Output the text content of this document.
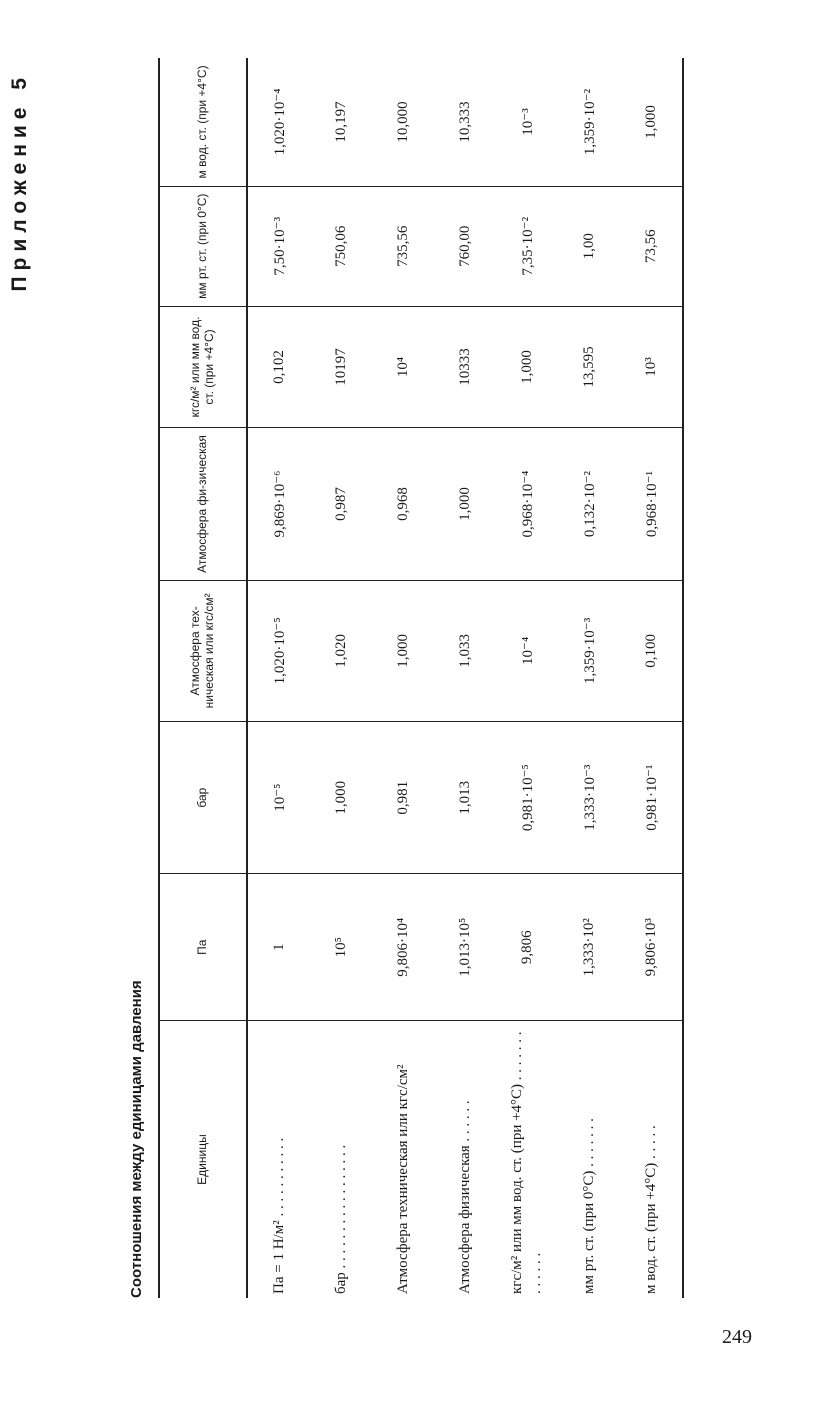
249
Приложение 5
Соотношения между единицами давления	Единицы	Па	бар	Атмосфера тех-ническая или кгс/см²	Атмосфера фи-зическая	кгс/м² или мм вод. ст. (при +4°С)	мм рт. ст. (при 0°С)	м вод. ст. (при +4°С)
Па = 1 Н/м² . . . . . . . . . . .	1	10⁻⁵	1,020·10⁻⁵	9,869·10⁻⁶	0,102	7,50·10⁻³	1,020·10⁻⁴
бар . . . . . . . . . . . . . . . . .	10⁵	1,000	1,020	0,987	10197	750,06	10,197
Атмосфера техническая или кгс/см²	9,806·10⁴	0,981	1,000	0,968	10⁴	735,56	10,000
Атмосфера физическая . . . . . .	1,013·10⁵	1,013	1,033	1,000	10333	760,00	10,333
кгс/м² или мм вод. ст. (при +4°С) . . . . . . . . . . . . .	9,806	0,981·10⁻⁵	10⁻⁴	0,968·10⁻⁴	1,000	7,35·10⁻²	10⁻³
мм рт. ст. (при 0°С) . . . . . . .	1,333·10²	1,333·10⁻³	1,359·10⁻³	0,132·10⁻²	13,595	1,00	1,359·10⁻²
м вод. ст. (при +4°С) . . . . .	9,806·10³	0,981·10⁻¹	0,100	0,968·10⁻¹	10³	73,56	1,000
